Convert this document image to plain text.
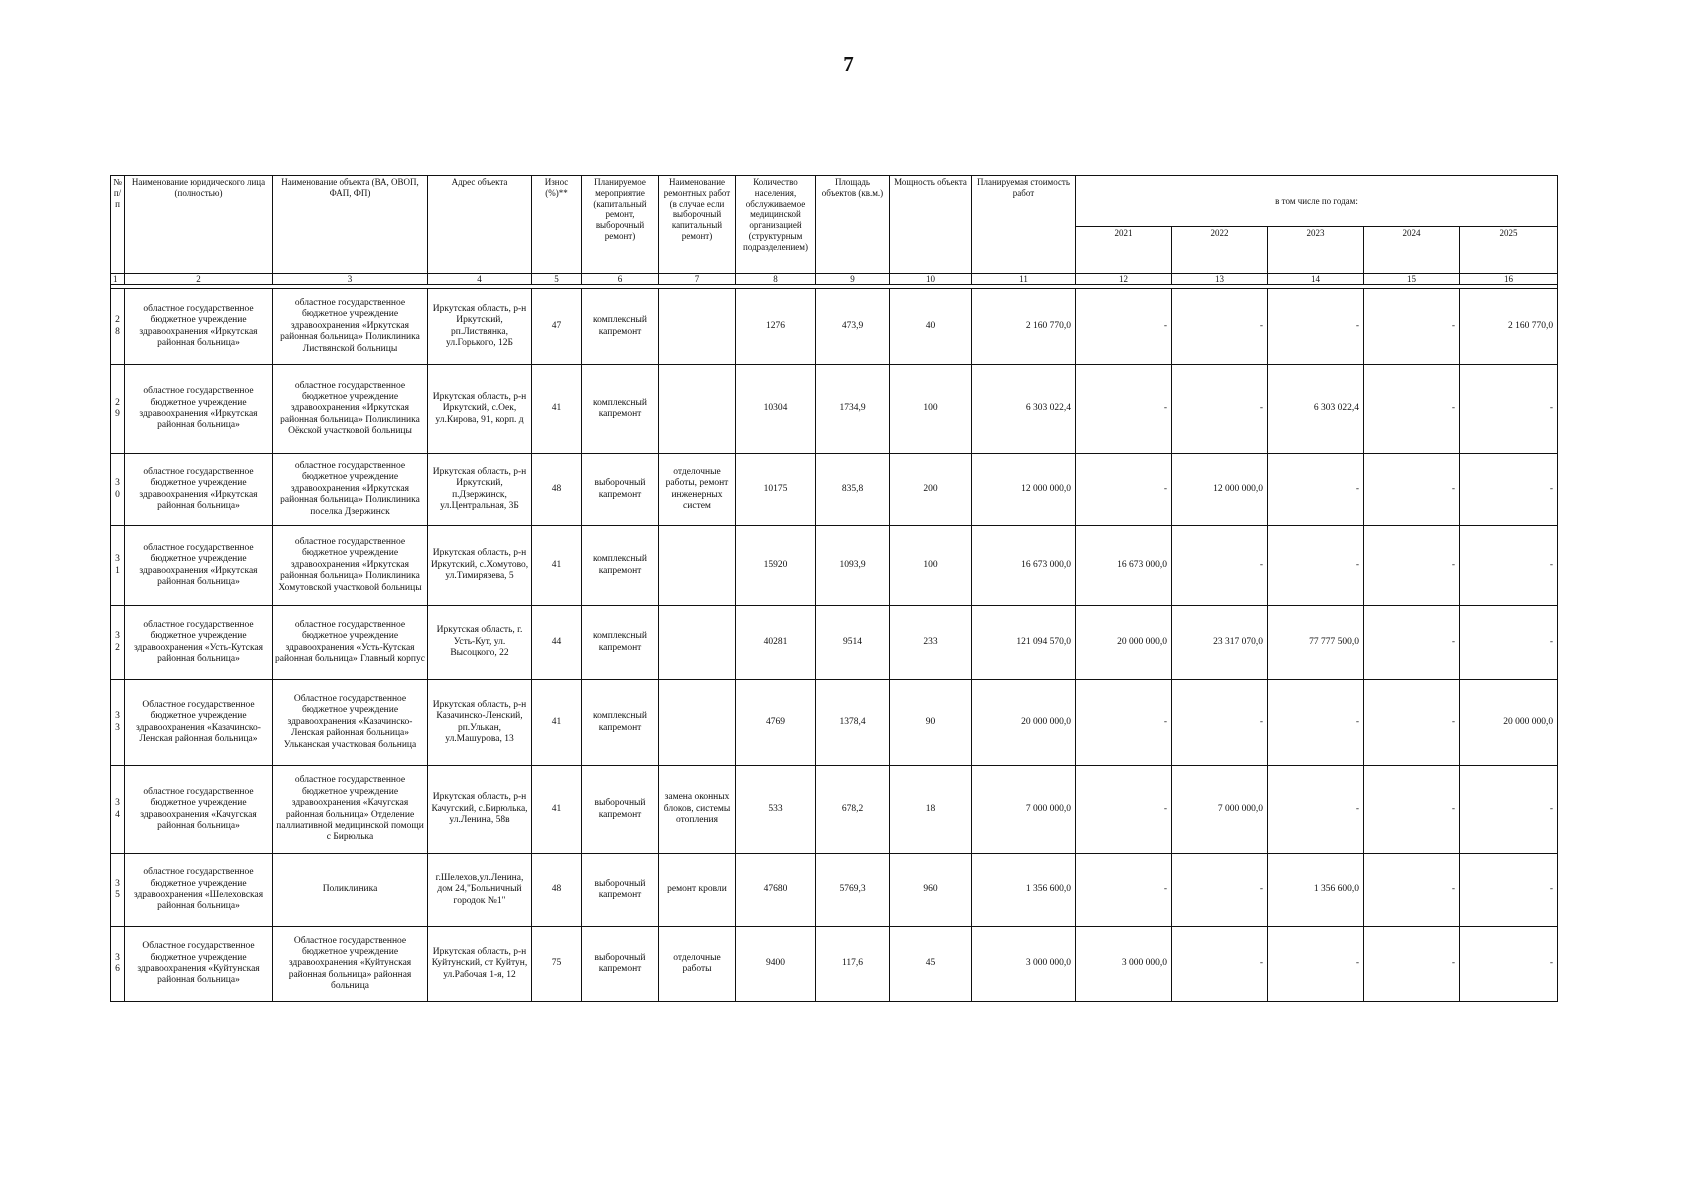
7
№ п/п	Наименование юридического лица (полностью)	Наименование объекта (ВА, ОВОП, ФАП, ФП)	Адрес объекта	Износ (%)**	Планируемое мероприятие (капитальный ремонт, выборочный ремонт)	Наименование ремонтных работ (в случае если выборочный капитальный ремонт)	Количество населения, обслуживаемое медицинской организацией (структурным подразделением)	Площадь объектов (кв.м.)	Мощность объекта	Планируемая стоимость работ	в том числе по годам:				
											2021	2022	2023	2024	2025
1	2	3	4	5	6	7	8	9	10	11	12	13	14	15	16

28	областное государственное бюджетное учреждение здравоохранения «Иркутская районная больница»	областное государственное бюджетное учреждение здравоохранения «Иркутская районная больница» Поликлиника Листвянской больницы	Иркутская область, р-н Иркутский, рп.Листвянка, ул.Горького, 12Б	47	комплексный капремонт		1276	473,9	40	2 160 770,0	-	-	-	-	2 160 770,0
29	областное государственное бюджетное учреждение здравоохранения «Иркутская районная больница»	областное государственное бюджетное учреждение здравоохранения «Иркутская районная больница» Поликлиника Оёкской участковой больницы	Иркутская область, р-н Иркутский, с.Оек, ул.Кирова, 91, корп. д	41	комплексный капремонт		10304	1734,9	100	6 303 022,4	-	-	6 303 022,4	-	-
30	областное государственное бюджетное учреждение здравоохранения «Иркутская районная больница»	областное государственное бюджетное учреждение здравоохранения «Иркутская районная больница» Поликлиника поселка Дзержинск	Иркутская область, р-н Иркутский, п.Дзержинск, ул.Центральная, 3Б	48	выборочный капремонт	отделочные работы, ремонт инженерных систем	10175	835,8	200	12 000 000,0	-	12 000 000,0	-	-	-
31	областное государственное бюджетное учреждение здравоохранения «Иркутская районная больница»	областное государственное бюджетное учреждение здравоохранения «Иркутская районная больница» Поликлиника Хомутовской участковой больницы	Иркутская область, р-н Иркутский, с.Хомутово, ул.Тимирязева, 5	41	комплексный капремонт		15920	1093,9	100	16 673 000,0	16 673 000,0	-	-	-	-
32	областное государственное бюджетное учреждение здравоохранения «Усть-Кутская районная больница»	областное государственное бюджетное учреждение здравоохранения «Усть-Кутская районная больница» Главный корпус	Иркутская область, г. Усть-Кут, ул. Высоцкого, 22	44	комплексный капремонт		40281	9514	233	121 094 570,0	20 000 000,0	23 317 070,0	77 777 500,0	-	-
33	Областное государственное бюджетное учреждение здравоохранения «Казачинско-Ленская районная больница»	Областное государственное бюджетное учреждение здравоохранения «Казачинско-Ленская районная больница» Ульканская участковая больница	Иркутская область, р-н Казачинско-Ленский, рп.Улькан, ул.Машурова, 13	41	комплексный капремонт		4769	1378,4	90	20 000 000,0	-	-	-	-	20 000 000,0
34	областное государственное бюджетное учреждение здравоохранения «Качугская районная больница»	областное государственное бюджетное учреждение здравоохранения «Качугская районная больница» Отделение паллиативной медицинской помощи с Бирюлька	Иркутская область, р-н Качугский, с.Бирюлька, ул.Ленина, 58в	41	выборочный капремонт	замена оконных блоков, системы отопления	533	678,2	18	7 000 000,0	-	7 000 000,0	-	-	-
35	областное государственное бюджетное учреждение здравоохранения «Шелеховская районная больница»	Поликлиника	г.Шелехов,ул.Ленина, дом 24,"Больничный городок №1"	48	выборочный капремонт	ремонт кровли	47680	5769,3	960	1 356 600,0	-	-	1 356 600,0	-	-
36	Областное государственное бюджетное учреждение здравоохранения «Куйтунская районная больница»	Областное государственное бюджетное учреждение здравоохранения «Куйтунская районная больница» районная больница	Иркутская область, р-н Куйтунский, ст Куйтун, ул.Рабочая 1-я, 12	75	выборочный капремонт	отделочные работы	9400	117,6	45	3 000 000,0	3 000 000,0	-	-	-	-
